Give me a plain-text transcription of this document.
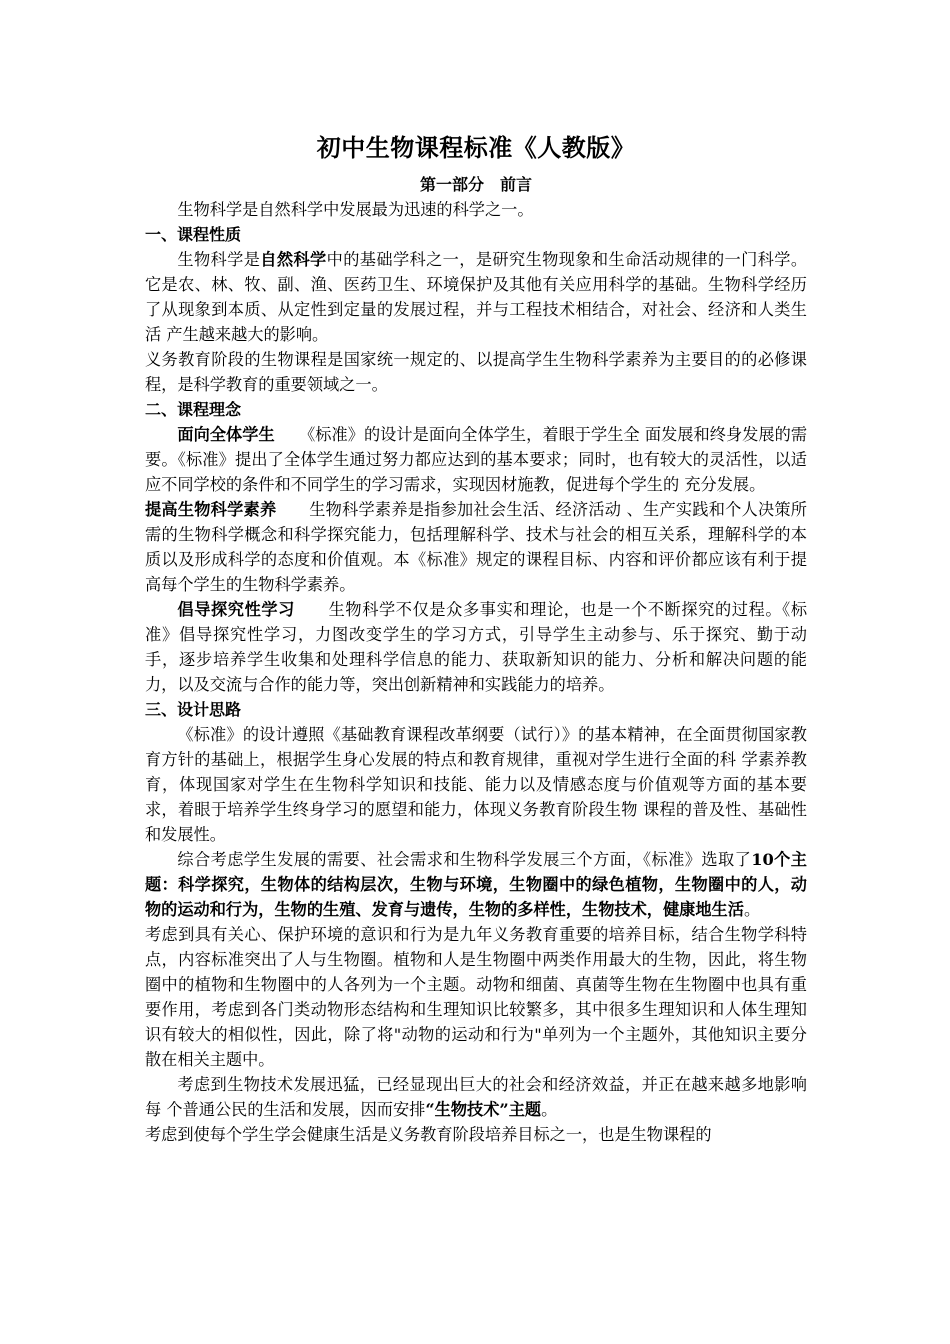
初中生物课程标准《人教版》
第一部分　前言

生物科学是自然科学中发展最为迅速的科学之一。

一、课程性质

生物科学是自然科学中的基础学科之一，是研究生物现象和生命活动规律的一门科学。它是农、林、牧、副、渔、医药卫生、环境保护及其他有关应用科学的基础。生物科学经历了从现象到本质、从定性到定量的发展过程，并与工程技术相结合，对社会、经济和人类生活 产生越来越大的影响。

义务教育阶段的生物课程是国家统一规定的、以提高学生生物科学素养为主要目的的必修课 程，是科学教育的重要领域之一。

二、课程理念

面向全体学生　　 《标准》的设计是面向全体学生，着眼于学生全 面发展和终身发展的需要。《标准》提出了全体学生通过努力都应达到的基本要求；同时，也有较大的灵活性，以适应不同学校的条件和不同学生的学习需求，实现因材施教，促进每个学生的 充分发展。

提高生物科学素养　　 生物科学素养是指参加社会生活、经济活动 、生产实践和个人决策所需的生物科学概念和科学探究能力，包括理解科学、技术与社会的相互关系，理解科学的本质以及形成科学的态度和价值观。本《标准》规定的课程目标、内容和评价都应该有利于提高每个学生的生物科学素养。

倡导探究性学习　　 生物科学不仅是众多事实和理论，也是一个不断探究的过程。《标准》倡导探究性学习，力图改变学生的学习方式，引导学生主动参与、乐于探究、勤于动手，逐步培养学生收集和处理科学信息的能力、获取新知识的能力、分析和解决问题的能力，以及交流与合作的能力等，突出创新精神和实践能力的培养。

三、设计思路

《标准》的设计遵照《基础教育课程改革纲要（试行）》的基本精神，在全面贯彻国家教育方针的基础上，根据学生身心发展的特点和教育规律，重视对学生进行全面的科 学素养教育，体现国家对学生在生物科学知识和技能、能力以及情感态度与价值观等方面的基本要求，着眼于培养学生终身学习的愿望和能力，体现义务教育阶段生物 课程的普及性、基础性和发展性。

综合考虑学生发展的需要、社会需求和生物科学发展三个方面，《标准》选取了10个主题：科学探究，生物体的结构层次，生物与环境，生物圈中的绿色植物，生物圈中的人，动物的运动和行为，生物的生殖、发育与遗传，生物的多样性，生物技术，健康地生活。

考虑到具有关心、保护环境的意识和行为是九年义务教育重要的培养目标，结合生物学科特点，内容标准突出了人与生物圈。植物和人是生物圈中两类作用最大的生物，因此，将生物圈中的植物和生物圈中的人各列为一个主题。动物和细菌、真菌等生物在生物圈中也具有重要作用，考虑到各门类动物形态结构和生理知识比较繁多，其中很多生理知识和人体生理知识有较大的相似性，因此，除了将"动物的运动和行为"单列为一个主题外，其他知识主要分散在相关主题中。

考虑到生物技术发展迅猛，已经显现出巨大的社会和经济效益，并正在越来越多地影响每 个普通公民的生活和发展，因而安排“生物技术”主题。

考虑到使每个学生学会健康生活是义务教育阶段培养目标之一，也是生物课程的
